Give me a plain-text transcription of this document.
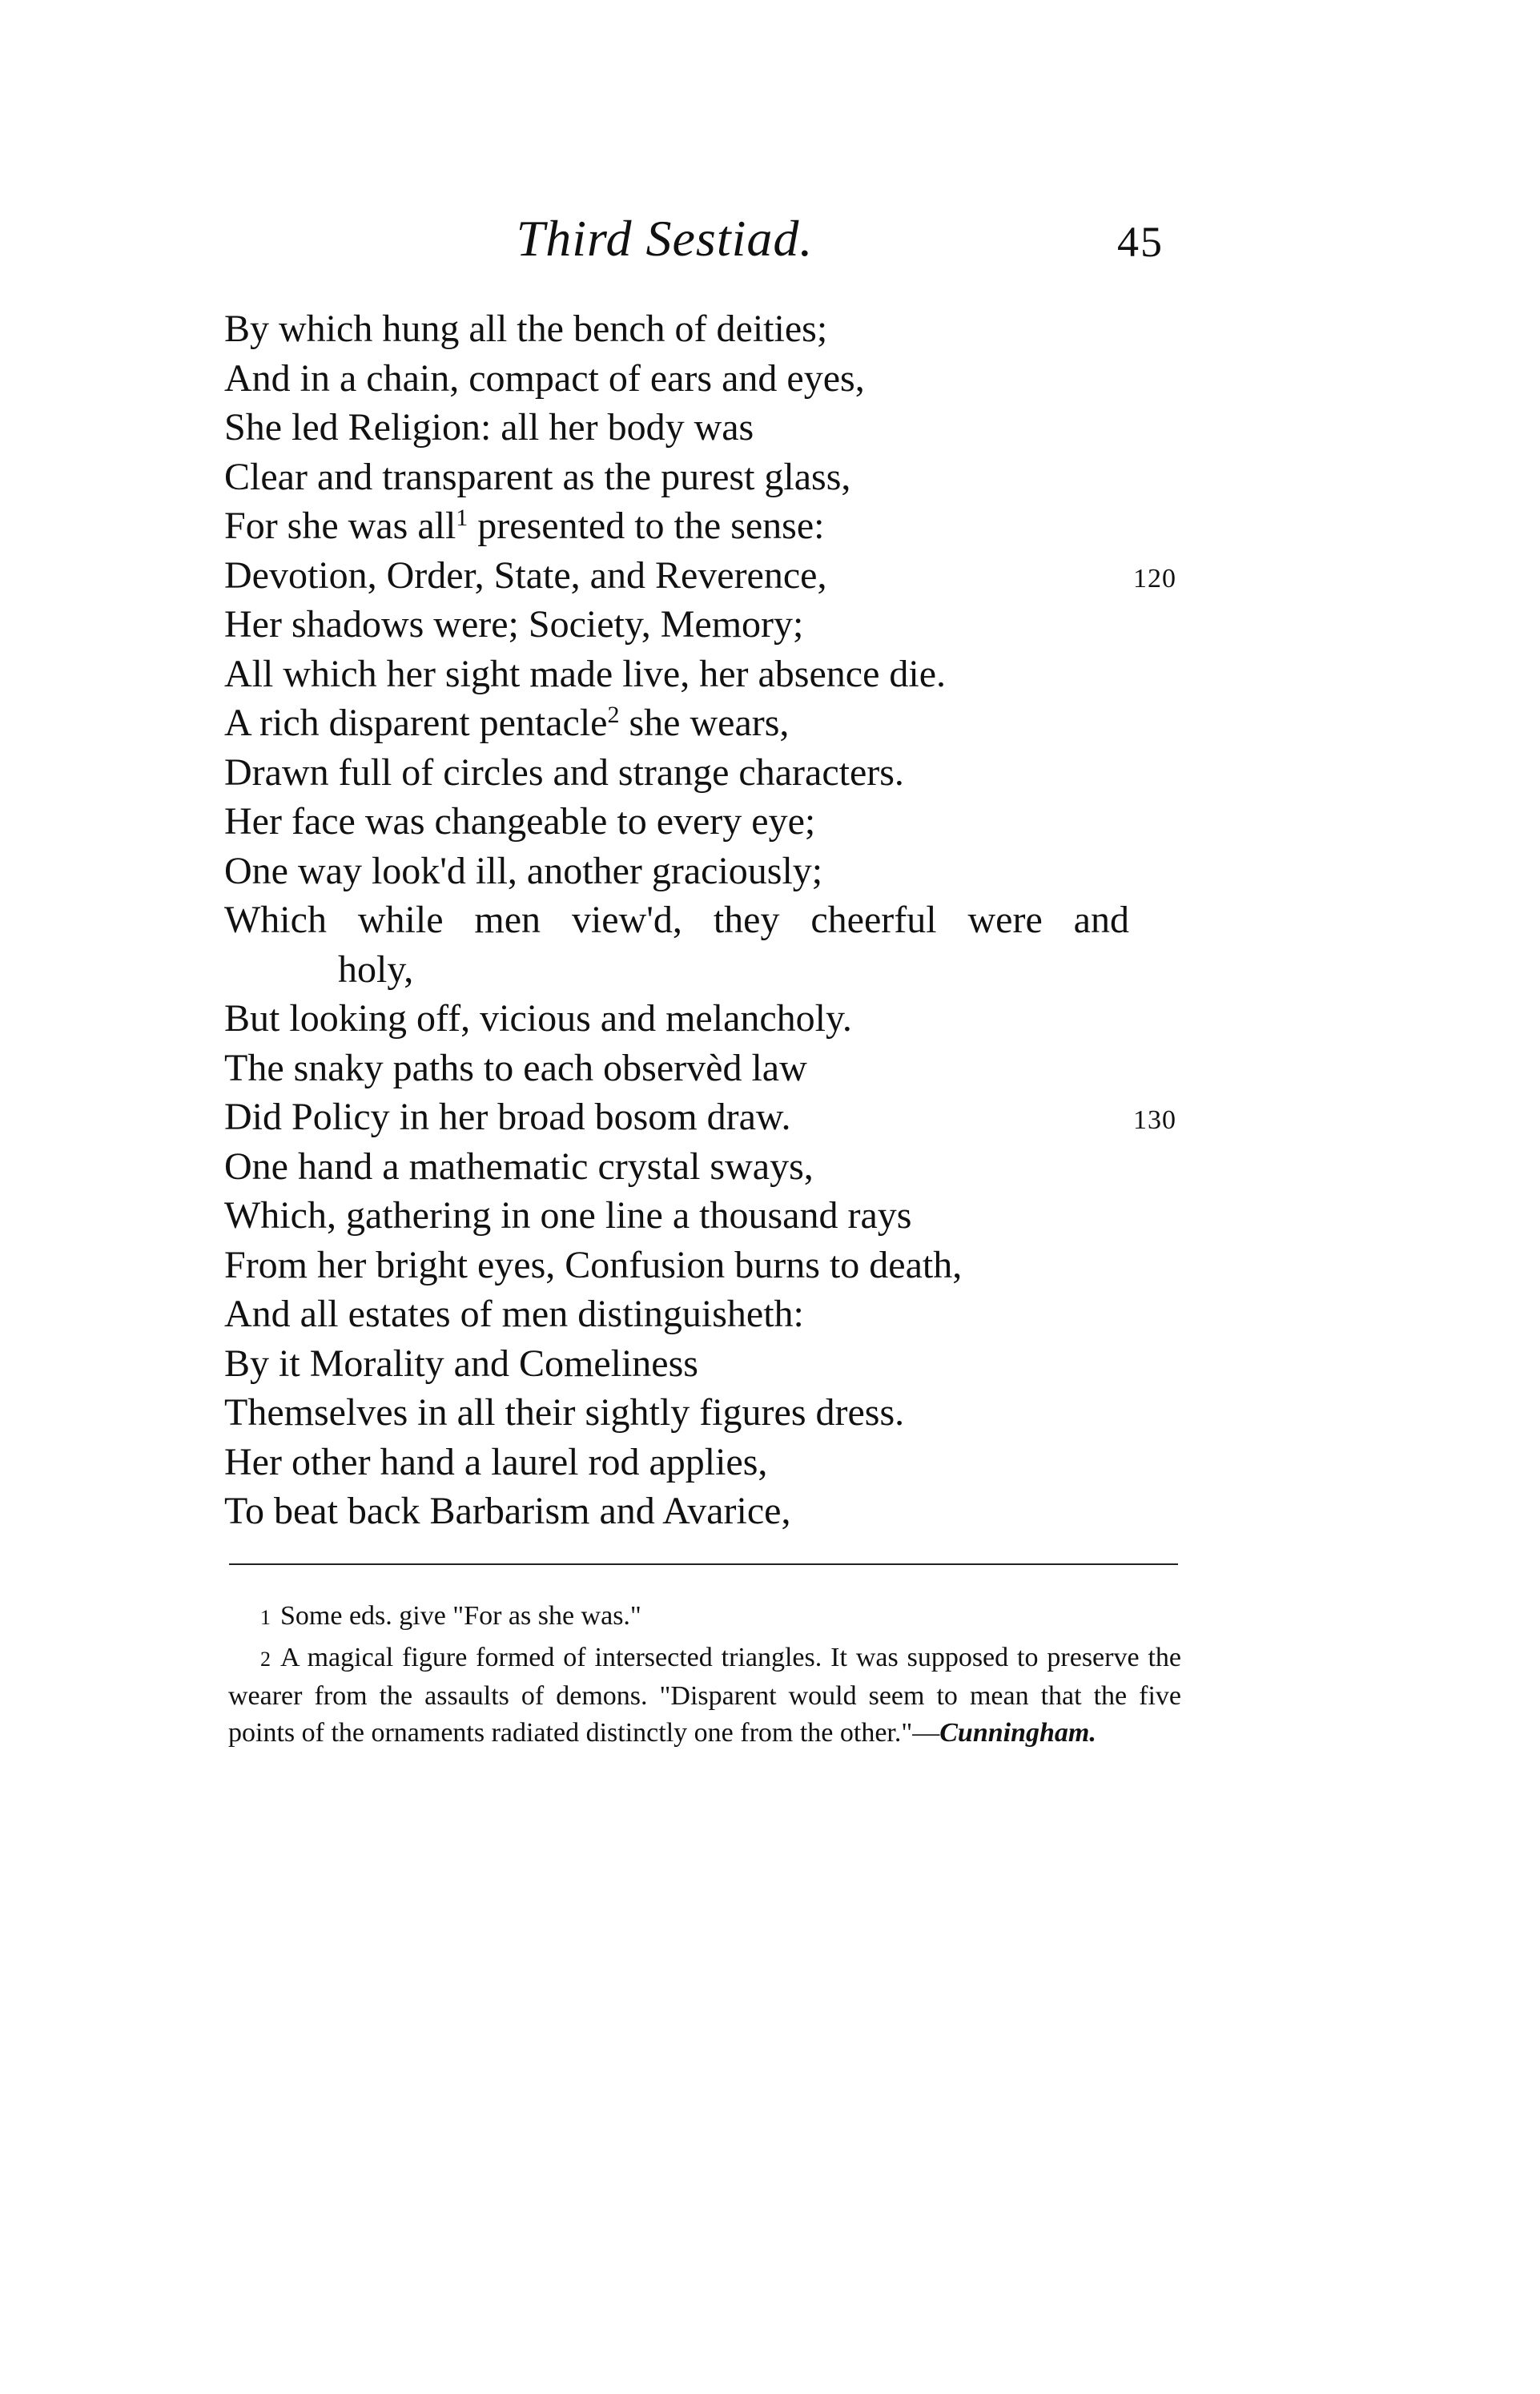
Third Sestiad.	45
By which hung all the bench of deities;
And in a chain, compact of ears and eyes,
She led Religion: all her body was
Clear and transparent as the purest glass,
For she was all$^1$ presented to the sense:
Devotion, Order, State, and Reverence,	120
Her shadows were; Society, Memory;
All which her sight made live, her absence die.
A rich disparent pentacle$^2$ she wears,
Drawn full of circles and strange characters.
Her face was changeable to every eye;
One way look'd ill, another graciously;
Which while men view'd, they cheerful were and
holy,
But looking off, vicious and melancholy.
The snaky paths to each observèd law
Did Policy in her broad bosom draw.	130
One hand a mathematic crystal sways,
Which, gathering in one line a thousand rays
From her bright eyes, Confusion burns to death,
And all estates of men distinguisheth:
By it Morality and Comeliness
Themselves in all their sightly figures dress.
Her other hand a laurel rod applies,
To beat back Barbarism and Avarice,

1 Some eds. give "For as she was."

2 A magical figure formed of intersected triangles. It was supposed to preserve the wearer from the assaults of demons. "Disparent would seem to mean that the five points of the ornaments radiated distinctly one from the other."—Cunningham.
